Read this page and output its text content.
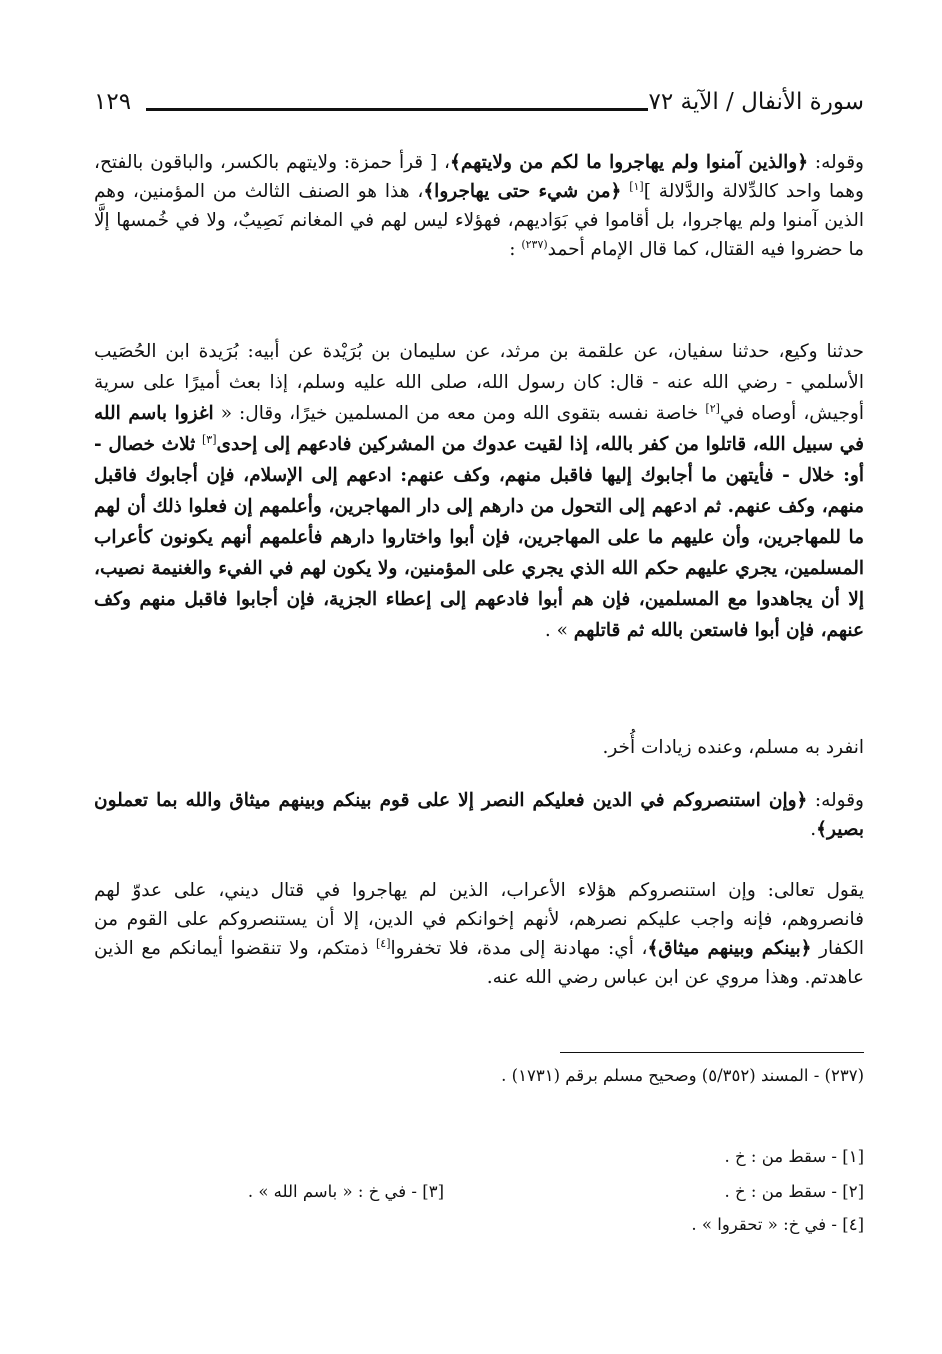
سورة الأنفال / الآية ٧٢
١٢٩

وقوله: ﴿والذين آمنوا ولم يهاجروا ما لكم من ولايتهم﴾، [ قرأ حمزة: ولايتهم بالكسر، والباقون بالفتح، وهما واحد كالدِّلالة والدَّلالة ][١] ﴿من شيء حتى يهاجروا﴾، هذا هو الصنف الثالث من المؤمنين، وهم الذين آمنوا ولم يهاجروا، بل أقاموا في بَوَاديهم، فهؤلاء ليس لهم في المغانم نَصِيبٌ، ولا في خُمسها إلَّا ما حضروا فيه القتال، كما قال الإمام أحمد$^{(٢٣٧)}$ :

حدثنا وكيع، حدثنا سفيان، عن علقمة بن مرثد، عن سليمان بن بُرَيْدة عن أبيه: بُرَيدة ابن الحُصَيب الأسلمي - رضي الله عنه - قال: كان رسول الله، صلى الله عليه وسلم، إذا بعث أميرًا على سرية أوجيش، أوصاه في[٢] خاصة نفسه بتقوى الله ومن معه من المسلمين خيرًا، وقال: « اغزوا باسم الله في سبيل الله، قاتلوا من كفر بالله، إذا لقيت عدوك من المشركين فادعهم إلى إحدى[٣] ثلاث خصال - أو: خلال - فأيتهن ما أجابوك إليها فاقبل منهم، وكف عنهم: ادعهم إلى الإسلام، فإن أجابوك فاقبل منهم، وكف عنهم. ثم ادعهم إلى التحول من دارهم إلى دار المهاجرين، وأعلمهم إن فعلوا ذلك أن لهم ما للمهاجرين، وأن عليهم ما على المهاجرين، فإن أبوا واختاروا دارهم فأعلمهم أنهم يكونون كأعراب المسلمين، يجري عليهم حكم الله الذي يجري على المؤمنين، ولا يكون لهم في الفيء والغنيمة نصيب، إلا أن يجاهدوا مع المسلمين، فإن هم أبوا فادعهم إلى إعطاء الجزية، فإن أجابوا فاقبل منهم وكف عنهم، فإن أبوا فاستعن بالله ثم قاتلهم » .

انفرد به مسلم، وعنده زيادات أُخر.

وقوله: ﴿وإن استنصروكم في الدين فعليكم النصر إلا على قوم بينكم وبينهم ميثاق والله بما تعملون بصير﴾.

يقول تعالى: وإن استنصروكم هؤلاء الأعراب، الذين لم يهاجروا في قتال ديني، على عدوّ لهم فانصروهم، فإنه واجب عليكم نصرهم، لأنهم إخوانكم في الدين، إلا أن يستنصروكم على القوم من الكفار ﴿بينكم وبينهم ميثاق﴾، أي: مهادنة إلى مدة، فلا تخفروا[٤] ذمتكم، ولا تنقضوا أيمانكم مع الذين عاهدتم. وهذا مروي عن ابن عباس رضي الله عنه.

(٢٣٧) - المسند (٥/٣٥٢) وصحيح مسلم برقم (١٧٣١) .
[١] - سقط من : خ .
[٢] - سقط من : خ .
[٣] - في خ : « باسم الله » .
[٤] - في خ: « تحقروا » .
